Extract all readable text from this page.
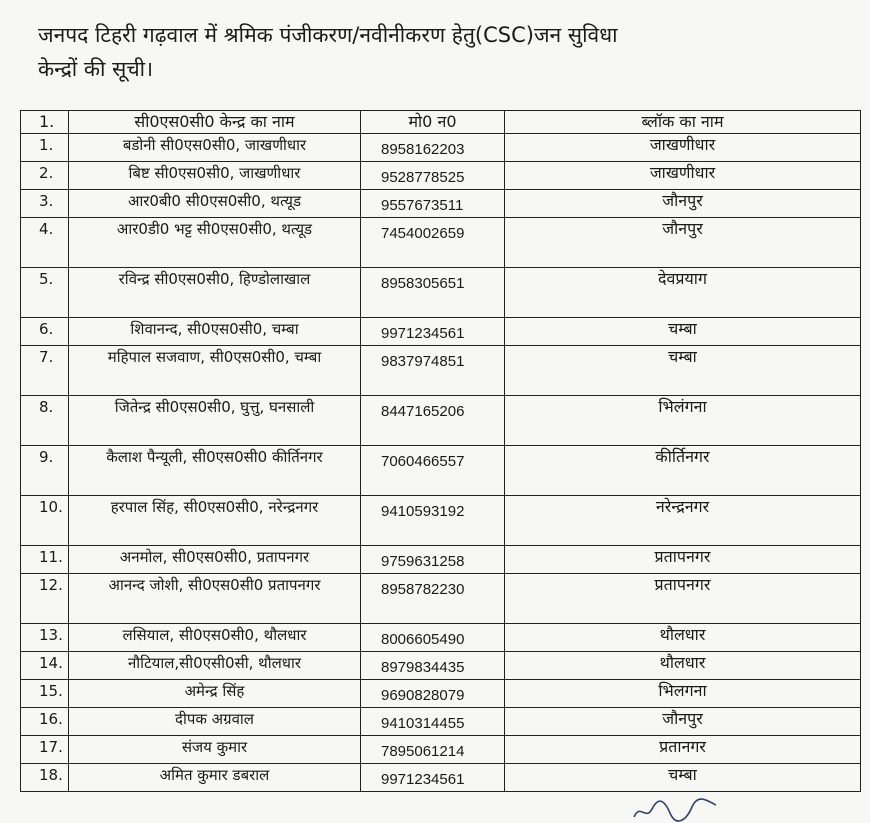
जनपद टिहरी गढ़वाल में श्रमिक पंजीकरण/नवीनीकरण हेतु(CSC)जन सुविधा
केन्द्रों की सूची।
1.	सी0एस0सी0 केन्द्र का नाम	मो0 न0	ब्लॉक का नाम
1.	बडोनी सी0एस0सी0, जाखणीधार	8958162203	जाखणीधार
2.	बिष्ट सी0एस0सी0, जाखणीधार	9528778525	जाखणीधार
3.	आर0बी0 सी0एस0सी0, थत्यूड	9557673511	जौनपुर
4.	आर0डी0 भट्ट सी0एस0सी0, थत्यूड	7454002659	जौनपुर
5.	रविन्द्र सी0एस0सी0, हिण्डोलाखाल	8958305651	देवप्रयाग
6.	शिवानन्द, सी0एस0सी0, चम्बा	9971234561	चम्बा
7.	महिपाल सजवाण, सी0एस0सी0, चम्बा	9837974851	चम्बा
8.	जितेन्द्र सी0एस0सी0, घुत्तु, घनसाली	8447165206	भिलंगना
9.	कैलाश पैन्यूली, सी0एस0सी0 कीर्तिनगर	7060466557	कीर्तिनगर
10.	हरपाल सिंह, सी0एस0सी0, नरेन्द्रनगर	9410593192	नरेन्द्रनगर
11.	अनमोल, सी0एस0सी0, प्रतापनगर	9759631258	प्रतापनगर
12.	आनन्द जोशी, सी0एस0सी0 प्रतापनगर	8958782230	प्रतापनगर
13.	लसियाल, सी0एस0सी0, थौलधार	8006605490	थौलधार
14.	नौटियाल,सी0एसी0सी, थौलधार	8979834435	थौलधार
15.	अमेन्द्र सिंह	9690828079	भिलगना
16.	दीपक अग्रवाल	9410314455	जौनपुर
17.	संजय कुमार	7895061214	प्रतानगर
18.	अमित कुमार डबराल	9971234561	चम्बा
